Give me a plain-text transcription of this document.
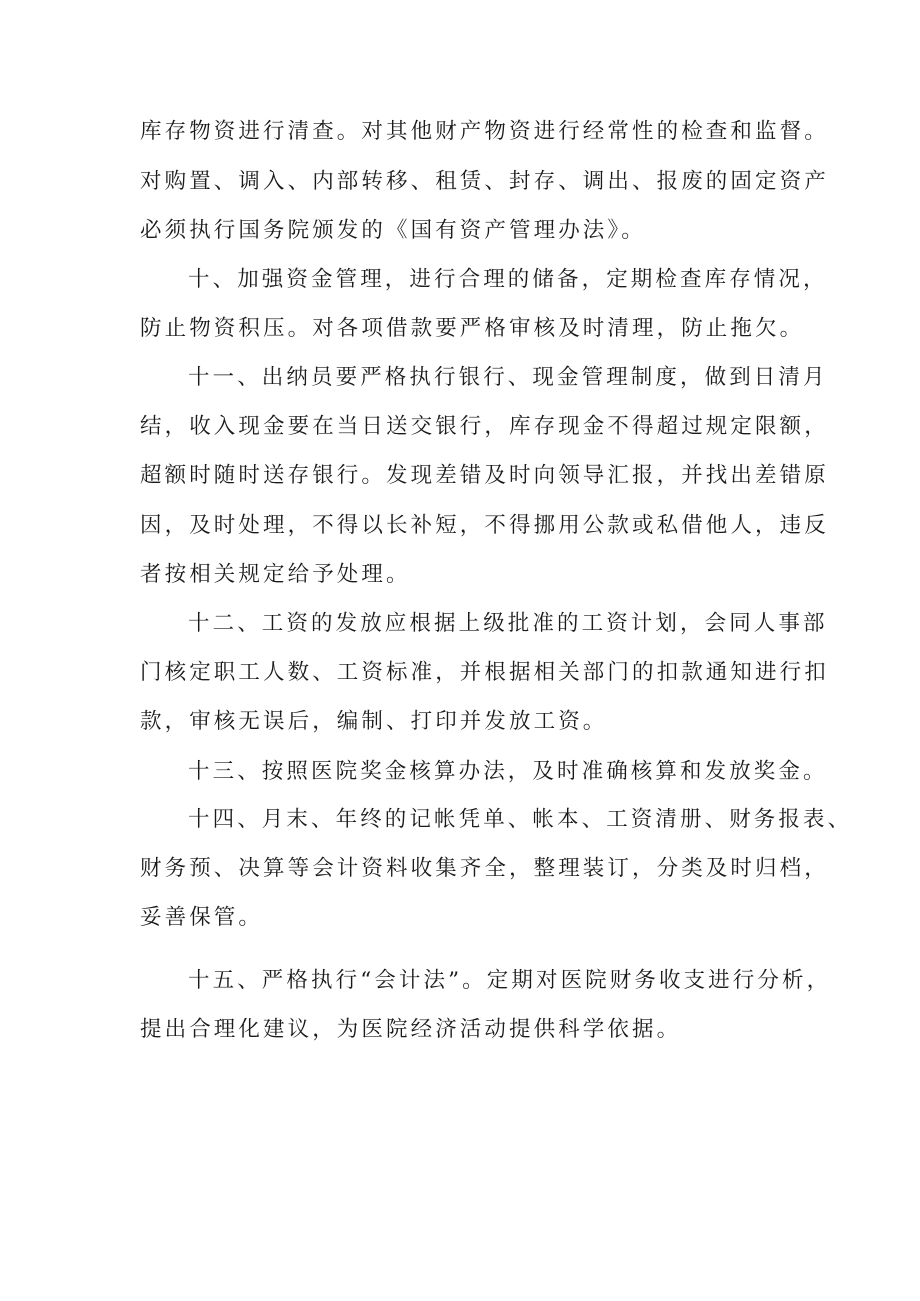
库存物资进行清查。对其他财产物资进行经常性的检查和监督。
对购置、调入、内部转移、租赁、封存、调出、报废的固定资产
必须执行国务院颁发的《国有资产管理办法》。
十、加强资金管理，进行合理的储备，定期检查库存情况，
防止物资积压。对各项借款要严格审核及时清理，防止拖欠。
十一、出纳员要严格执行银行、现金管理制度，做到日清月
结，收入现金要在当日送交银行，库存现金不得超过规定限额，
超额时随时送存银行。发现差错及时向领导汇报，并找出差错原
因，及时处理，不得以长补短，不得挪用公款或私借他人，违反
者按相关规定给予处理。
十二、工资的发放应根据上级批准的工资计划，会同人事部
门核定职工人数、工资标准，并根据相关部门的扣款通知进行扣
款，审核无误后，编制、打印并发放工资。
十三、按照医院奖金核算办法，及时准确核算和发放奖金。
十四、月末、年终的记帐凭单、帐本、工资清册、财务报表、
财务预、决算等会计资料收集齐全，整理装订，分类及时归档，
妥善保管。
十五、严格执行“会计法”。定期对医院财务收支进行分析，
提出合理化建议，为医院经济活动提供科学依据。
